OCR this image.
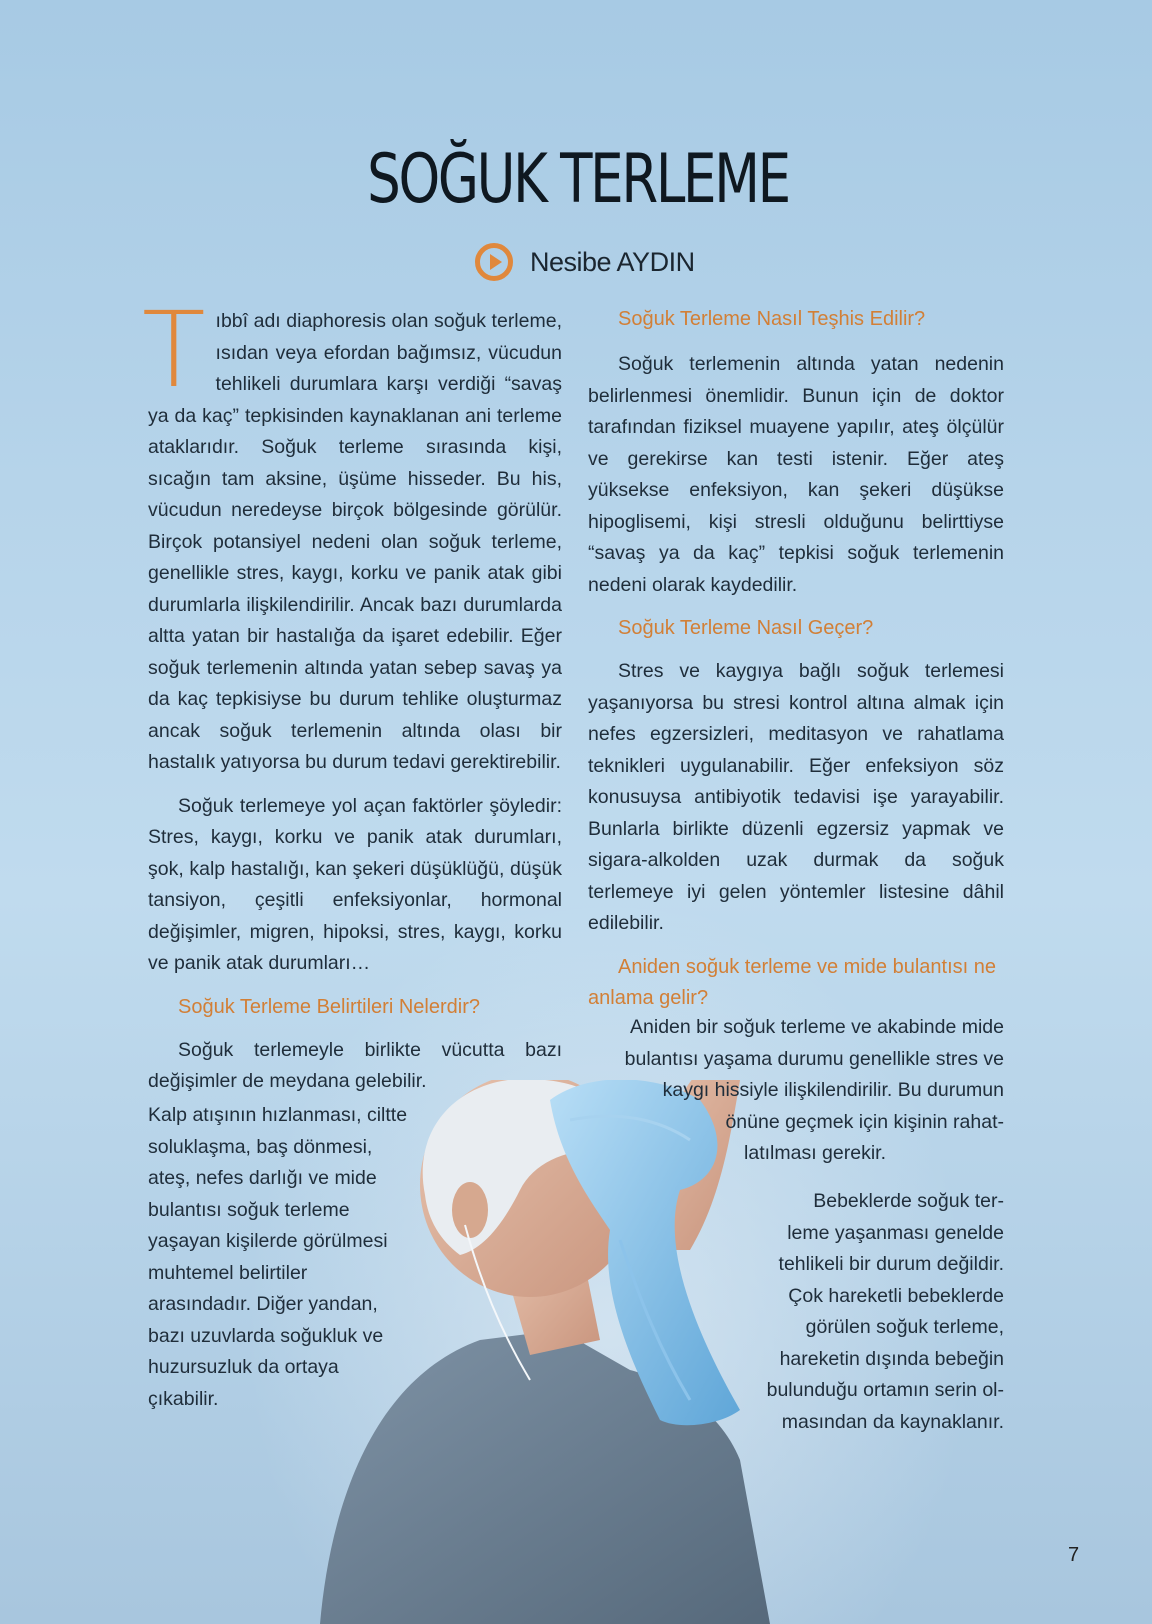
SOĞUK TERLEME
Nesibe AYDIN

Tıbbî adı diaphoresis olan soğuk terleme, ısıdan veya efordan bağımsız, vücudun tehlikeli durumlara karşı verdiği “savaş ya da kaç” tepkisinden kaynaklanan ani terleme ataklarıdır. Soğuk terleme sırasında kişi, sıcağın tam aksine, üşüme hisseder. Bu his, vücudun neredeyse birçok bölgesinde görülür. Birçok potansiyel nedeni olan soğuk terleme, genellikle stres, kaygı, korku ve panik atak gibi durumlarla ilişkilendirilir. Ancak bazı durumlarda altta yatan bir hastalığa da işaret edebilir. Eğer soğuk terlemenin altında yatan sebep savaş ya da kaç tepkisiyse bu durum tehlike oluşturmaz ancak soğuk terlemenin altında olası bir hastalık yatıyorsa bu durum tedavi gerektirebilir.

Soğuk terlemeye yol açan faktörler şöyledir: Stres, kaygı, korku ve panik atak durumları, şok, kalp hastalığı, kan şekeri düşüklüğü, düşük tansiyon, çeşitli enfeksiyonlar, hormonal değişimler, migren, hipoksi, stres, kaygı, korku ve panik atak durumları…

Soğuk Terleme Belirtileri Nelerdir?

Soğuk terlemeyle birlikte vücutta bazı değişimler de meydana gelebilir.

Kalp atışının hızlanması, ciltte soluklaşma, baş dönmesi, ateş, nefes darlığı ve mide bulantısı soğuk terleme yaşayan kişilerde görülmesi muhtemel belirtiler arasındadır. Diğer yandan, bazı uzuvlarda soğukluk ve huzursuzluk da ortaya çıkabilir.
Soğuk Terleme Nasıl Teşhis Edilir?

Soğuk terlemenin altında yatan nedenin belirlenmesi önemlidir. Bunun için de doktor tarafından fiziksel muayene yapılır, ateş ölçülür ve gerekirse kan testi istenir. Eğer ateş yüksekse enfeksiyon, kan şekeri düşükse hipoglisemi, kişi stresli olduğunu belirttiyse “savaş ya da kaç” tepkisi soğuk terlemenin nedeni olarak kaydedilir.

Soğuk Terleme Nasıl Geçer?

Stres ve kaygıya bağlı soğuk terlemesi yaşanıyorsa bu stresi kontrol altına almak için nefes egzersizleri, meditasyon ve rahatlama teknikleri uygulanabilir. Eğer enfeksiyon söz konusuysa antibiyotik tedavisi işe yarayabilir. Bunlarla birlikte düzenli egzersiz yapmak ve sigara-alkolden uzak durmak da soğuk terlemeye iyi gelen yöntemler listesine dâhil edilebilir.

Aniden soğuk terleme ve mide bulantısı ne anlama gelir?
Aniden bir soğuk terleme ve akabinde mide
bulantısı yaşama durumu genellikle stres ve
kaygı hissiyle ilişkilendirilir. Bu durumun
önüne geçmek için kişinin rahat-
latılması gerekir.
Bebeklerde soğuk ter-
leme yaşanması genelde
tehlikeli bir durum değildir.
Çok hareketli bebeklerde
görülen soğuk terleme,
hareketin dışında bebeğin
bulunduğu ortamın serin ol-
masından da kaynaklanır.
7
